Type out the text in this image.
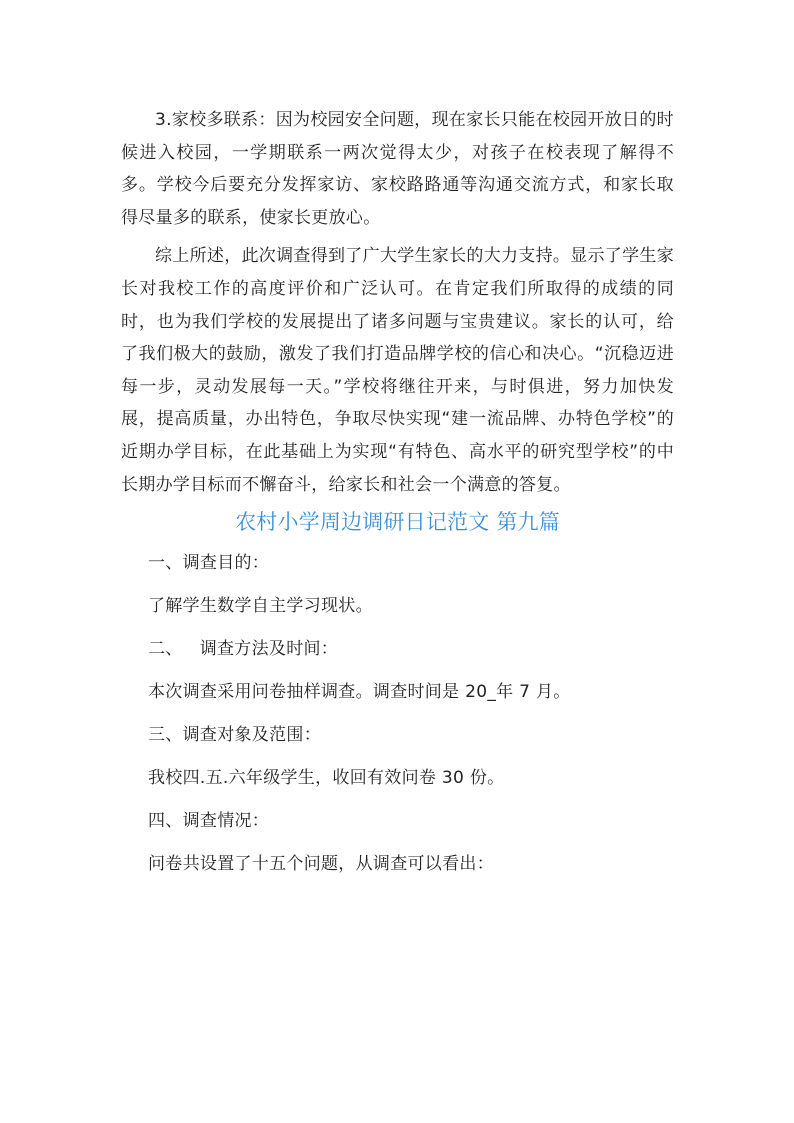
3.家校多联系：因为校园安全问题，现在家长只能在校园开放日的时候进入校园，一学期联系一两次觉得太少，对孩子在校表现了解得不多。学校今后要充分发挥家访、家校路路通等沟通交流方式，和家长取得尽量多的联系，使家长更放心。

综上所述，此次调查得到了广大学生家长的大力支持。显示了学生家长对我校工作的高度评价和广泛认可。在肯定我们所取得的成绩的同时，也为我们学校的发展提出了诸多问题与宝贵建议。家长的认可，给了我们极大的鼓励，激发了我们打造品牌学校的信心和决心。“沉稳迈进每一步，灵动发展每一天。”学校将继往开来，与时俱进，努力加快发展，提高质量，办出特色，争取尽快实现“建一流品牌、办特色学校”的近期办学目标，在此基础上为实现“有特色、高水平的研究型学校”的中长期办学目标而不懈奋斗，给家长和社会一个满意的答复。

农村小学周边调研日记范文 第九篇
一、调查目的：
了解学生数学自主学习现状。
二、   调查方法及时间：
本次调查采用问卷抽样调查。调查时间是 20_年 7 月。
三、调查对象及范围：
我校四.五.六年级学生，收回有效问卷 30 份。
四、调查情况：
问卷共设置了十五个问题，从调查可以看出：
